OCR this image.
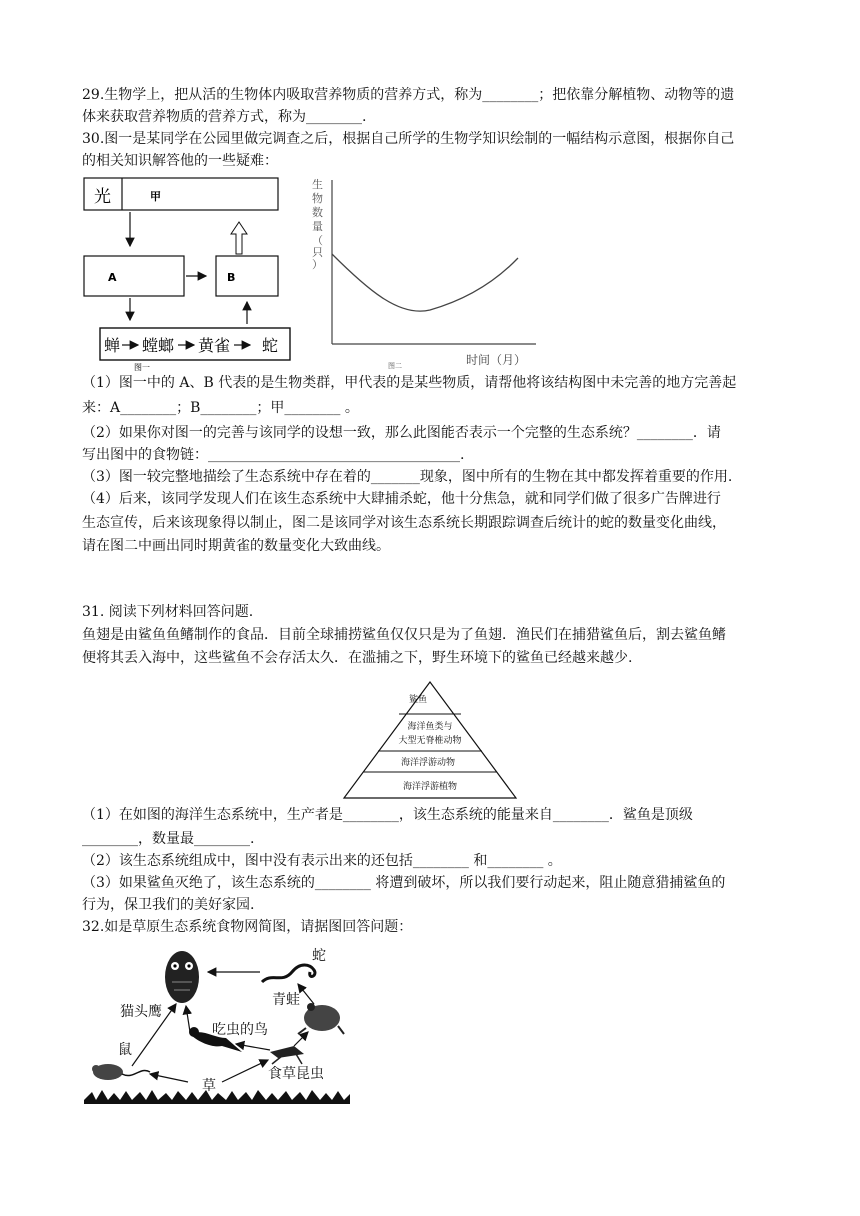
29.生物学上，把从活的生物体内吸取营养物质的营养方式，称为________；把依靠分解植物、动物等的遗
体来获取营养物质的营养方式，称为________.
30.图一是某同学在公园里做完调查之后，根据自己所学的生物学知识绘制的一幅结构示意图，根据你自己
的相关知识解答他的一些疑难：
光	甲
A	B
蝉 螳螂 黄雀 蛇
图一
生
物
数
量
（
只
）
图二	时间（月）
（1）图一中的 A、B 代表的是生物类群，甲代表的是某些物质，请帮他将该结构图中未完善的地方完善起
来：A________；B________；甲________ 。
（2）如果你对图一的完善与该同学的设想一致，那么此图能否表示一个完整的生态系统？________．请
写出图中的食物链：____________________________________.
（3）图一较完整地描绘了生态系统中存在着的_______现象，图中所有的生物在其中都发挥着重要的作用.
（4）后来，该同学发现人们在该生态系统中大肆捕杀蛇，他十分焦急，就和同学们做了很多广告牌进行
生态宣传，后来该现象得以制止，图二是该同学对该生态系统长期跟踪调查后统计的蛇的数量变化曲线，
请在图二中画出同时期黄雀的数量变化大致曲线。
31. 阅读下列材料回答问题.
鱼翅是由鲨鱼鱼鳍制作的食品．目前全球捕捞鲨鱼仅仅只是为了鱼翅．渔民们在捕猎鲨鱼后，割去鲨鱼鳍
便将其丢入海中，这些鲨鱼不会存活太久．在滥捕之下，野生环境下的鲨鱼已经越来越少.
鲨鱼
海洋鱼类与
大型无脊椎动物
海洋浮游动物
海洋浮游植物
（1）在如图的海洋生态系统中，生产者是________，该生态系统的能量来自________．鲨鱼是顶级
________，数量最________.
（2）该生态系统组成中，图中没有表示出来的还包括________ 和________ 。
（3）如果鲨鱼灭绝了，该生态系统的________ 将遭到破坏，所以我们要行动起来，阻止随意猎捕鲨鱼的
行为，保卫我们的美好家园.
32.如是草原生态系统食物网简图，请据图回答问题：
蛇
猫头鹰
青蛙
吃虫的鸟
鼠
食草昆虫
草
